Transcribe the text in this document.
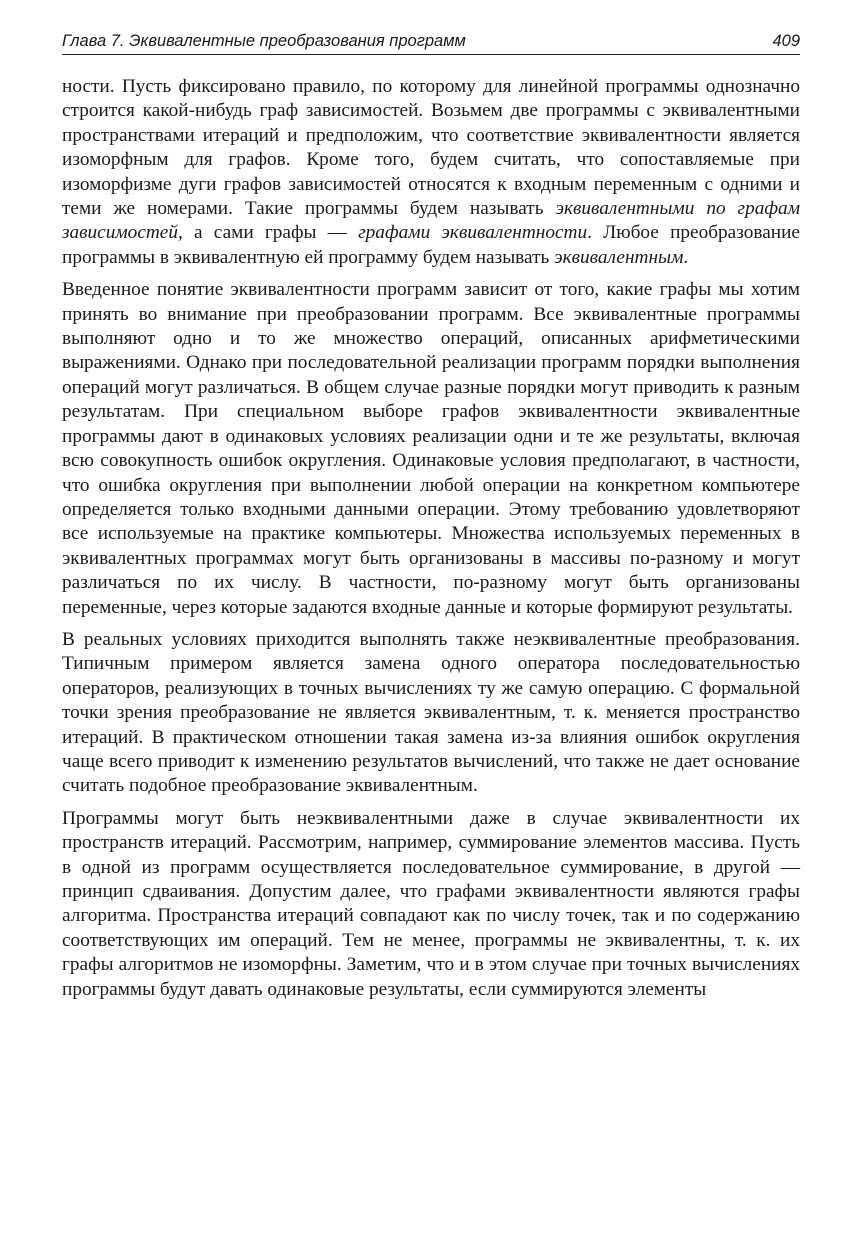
Глава 7. Эквивалентные преобразования программ	409

ности. Пусть фиксировано правило, по которому для линейной программы однозначно строится какой-нибудь граф зависимостей. Возьмем две программы с эквивалентными пространствами итераций и предположим, что соответствие эквивалентности является изоморфным для графов. Кроме того, будем считать, что сопоставляемые при изоморфизме дуги графов зависимостей относятся к входным переменным с одними и теми же номерами. Такие программы будем называть эквивалентными по графам зависимостей, а сами графы — графами эквивалентности. Любое преобразование программы в эквивалентную ей программу будем называть эквивалентным.

Введенное понятие эквивалентности программ зависит от того, какие графы мы хотим принять во внимание при преобразовании программ. Все эквивалентные программы выполняют одно и то же множество операций, описанных арифметическими выражениями. Однако при последовательной реализации программ порядки выполнения операций могут различаться. В общем случае разные порядки могут приводить к разным результатам. При специальном выборе графов эквивалентности эквивалентные программы дают в одинаковых условиях реализации одни и те же результаты, включая всю совокупность ошибок округления. Одинаковые условия предполагают, в частности, что ошибка округления при выполнении любой операции на конкретном компьютере определяется только входными данными операции. Этому требованию удовлетворяют все используемые на практике компьютеры. Множества используемых переменных в эквивалентных программах могут быть организованы в массивы по-разному и могут различаться по их числу. В частности, по-разному могут быть организованы переменные, через которые задаются входные данные и которые формируют результаты.

В реальных условиях приходится выполнять также неэквивалентные преобразования. Типичным примером является замена одного оператора последовательностью операторов, реализующих в точных вычислениях ту же самую операцию. С формальной точки зрения преобразование не является эквивалентным, т. к. меняется пространство итераций. В практическом отношении такая замена из-за влияния ошибок округления чаще всего приводит к изменению результатов вычислений, что также не дает основание считать подобное преобразование эквивалентным.

Программы могут быть неэквивалентными даже в случае эквивалентности их пространств итераций. Рассмотрим, например, суммирование элементов массива. Пусть в одной из программ осуществляется последовательное суммирование, в другой — принцип сдваивания. Допустим далее, что графами эквивалентности являются графы алгоритма. Пространства итераций совпадают как по числу точек, так и по содержанию соответствующих им операций. Тем не менее, программы не эквивалентны, т. к. их графы алгоритмов не изоморфны. Заметим, что и в этом случае при точных вычислениях программы будут давать одинаковые результаты, если суммируются элементы
